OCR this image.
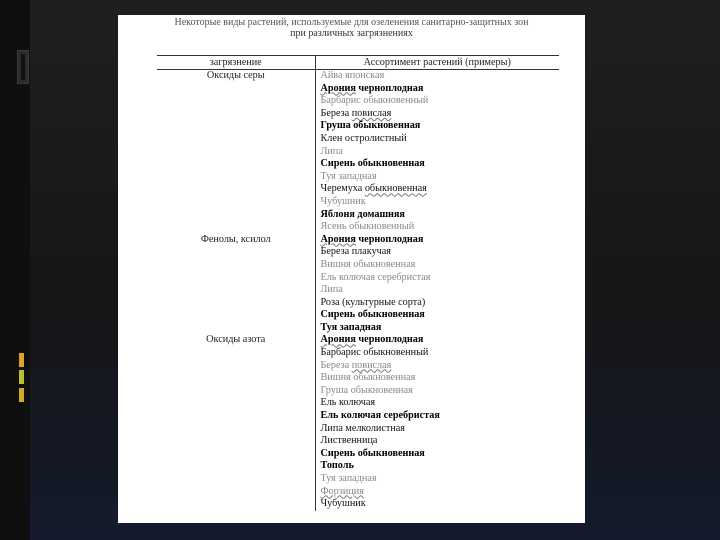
Некоторые виды растений, используемые для озеленения санитарно-защитных зон
при различных загрязнениях
загрязнение	Ассортимент растений (примеры)
Оксиды серы	Айва японская
	Арония черноплодная
	Барбарис обыкновенный
	Береза повислая
	Груша обыкновенная
	Клен остролистный
	Липа
	Сирень обыкновенная
	Туя западная
	Черемуха обыкновенная
	Чубушник
	Яблоня домашняя
	Ясень обыкновенный
Фенолы, ксилол	Арония черноплодная
	Береза плакучая
	Вишня обыкновенная
	Ель колючая серебристая
	Липа
	Роза (культурные сорта)
	Сирень обыкновенная
	Туя западная
Оксиды азота	Арония черноплодная
	Барбарис обыкновенный
	Береза повислая
	Вишня обыкновенная
	Груша обыкновенная
	Ель колючая
	Ель колючая серебристая
	Липа мелколистная
	Лиственница
	Сирень обыкновенная
	Тополь
	Туя западная
	Форзиция
	Чубушник
